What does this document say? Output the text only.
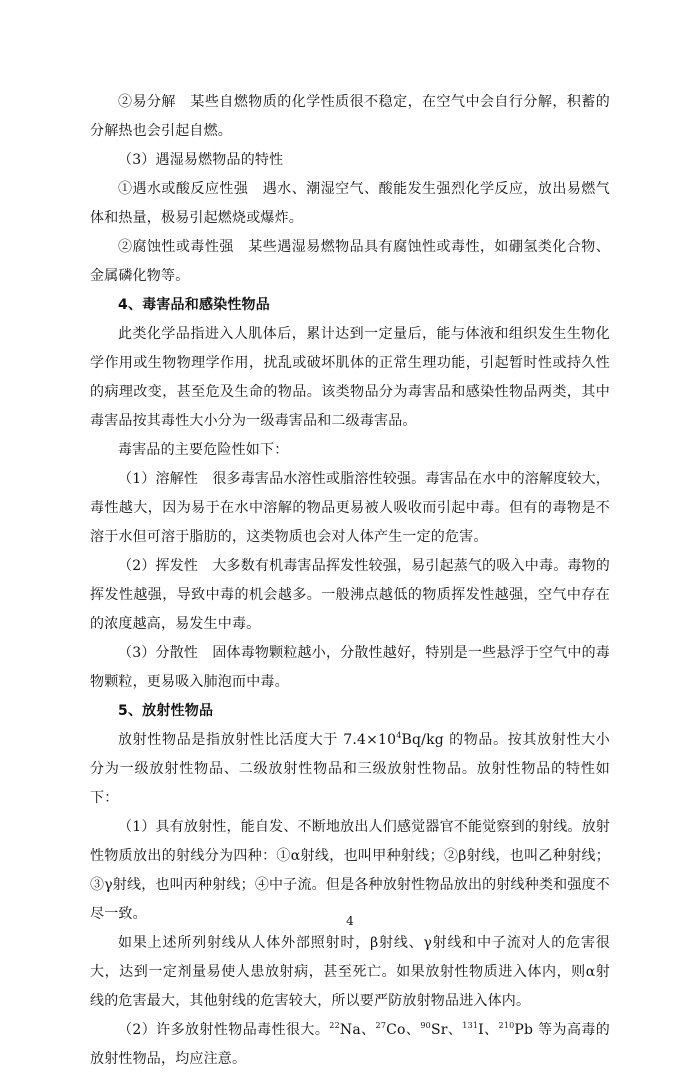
②易分解　某些自燃物质的化学性质很不稳定，在空气中会自行分解，积蓄的分解热也会引起自燃。

（3）遇湿易燃物品的特性

①遇水或酸反应性强　遇水、潮湿空气、酸能发生强烈化学反应，放出易燃气体和热量，极易引起燃烧或爆炸。

②腐蚀性或毒性强　某些遇湿易燃物品具有腐蚀性或毒性，如硼氢类化合物、金属磷化物等。

4、毒害品和感染性物品

此类化学品指进入人肌体后，累计达到一定量后，能与体液和组织发生生物化学作用或生物物理学作用，扰乱或破坏肌体的正常生理功能，引起暂时性或持久性的病理改变，甚至危及生命的物品。该类物品分为毒害品和感染性物品两类，其中毒害品按其毒性大小分为一级毒害品和二级毒害品。

毒害品的主要危险性如下：

（1）溶解性　很多毒害品水溶性或脂溶性较强。毒害品在水中的溶解度较大，毒性越大，因为易于在水中溶解的物品更易被人吸收而引起中毒。但有的毒物是不溶于水但可溶于脂肪的，这类物质也会对人体产生一定的危害。

（2）挥发性　大多数有机毒害品挥发性较强，易引起蒸气的吸入中毒。毒物的挥发性越强，导致中毒的机会越多。一般沸点越低的物质挥发性越强，空气中存在的浓度越高，易发生中毒。

（3）分散性　固体毒物颗粒越小，分散性越好，特别是一些悬浮于空气中的毒物颗粒，更易吸入肺泡而中毒。

5、放射性物品

放射性物品是指放射性比活度大于 $7.4\times 10^4Bq/kg$ 的物品。按其放射性大小分为一级放射性物品、二级放射性物品和三级放射性物品。放射性物品的特性如下：

（1）具有放射性，能自发、不断地放出人们感觉器官不能觉察到的射线。放射性物质放出的射线分为四种：①α射线，也叫甲种射线；②β射线，也叫乙种射线；③γ射线，也叫丙种射线；④中子流。但是各种放射性物品放出的射线种类和强度不尽一致。

如果上述所列射线从人体外部照射时，β射线、γ射线和中子流对人的危害很大，达到一定剂量易使人患放射病，甚至死亡。如果放射性物质进入体内，则α射线的危害最大，其他射线的危害较大，所以要严防放射物品进入体内。

（2）许多放射性物品毒性很大。$^{22}$Na、$^{27}$Co、$^{90}$Sr、$^{131}$I、$^{210}$Pb 等为高毒的放射性物品，均应注意。

4
